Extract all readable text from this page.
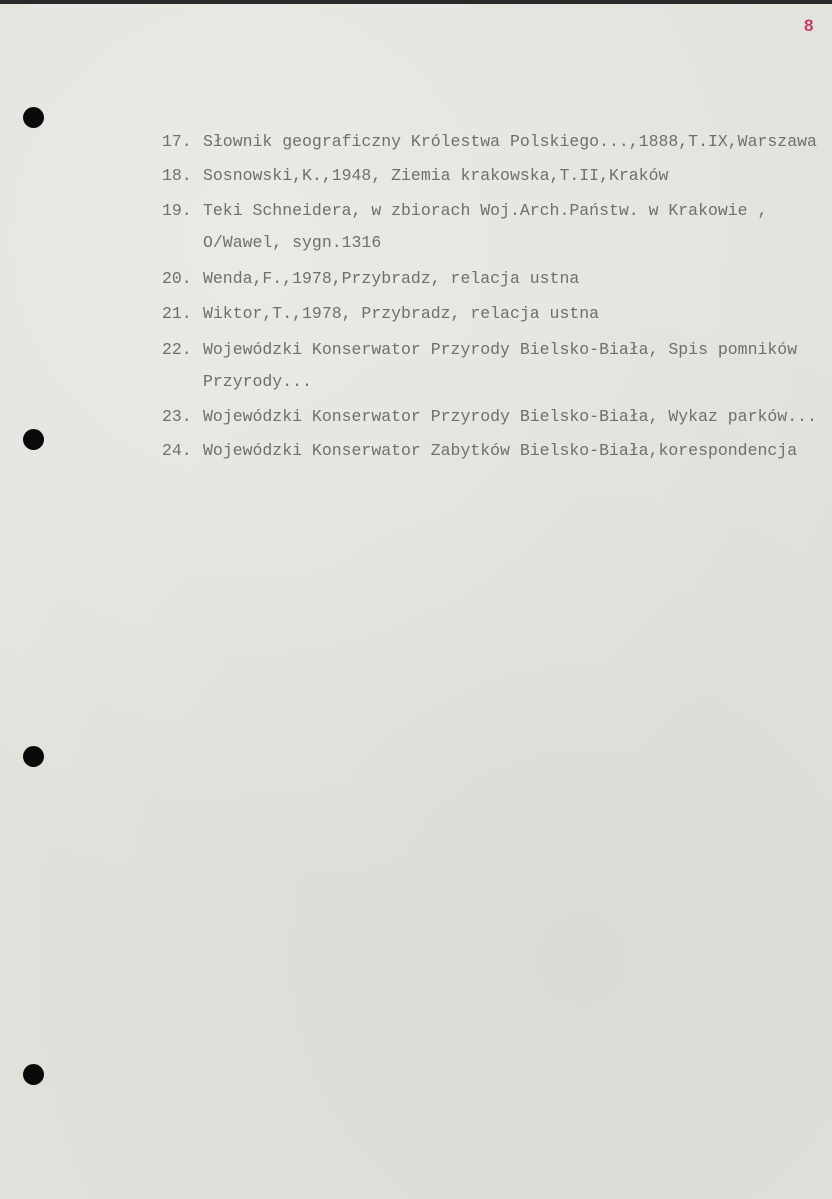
8
17. Słownik geograficzny Królestwa Polskiego...,1888,T.IX,Warszawa
18. Sosnowski,K.,1948, Ziemia krakowska,T.II,Kraków
19. Teki Schneidera, w zbiorach Woj.Arch.Państw. w Krakowie ,
O/Wawel, sygn.1316
20. Wenda,F.,1978,Przybradz, relacja ustna
21. Wiktor,T.,1978, Przybradz, relacja ustna
22. Wojewódzki Konserwator Przyrody Bielsko-Biała, Spis pomników
Przyrody...
23. Wojewódzki Konserwator Przyrody Bielsko-Biała, Wykaz parków...
24. Wojewódzki Konserwator Zabytków Bielsko-Biała,korespondencja
